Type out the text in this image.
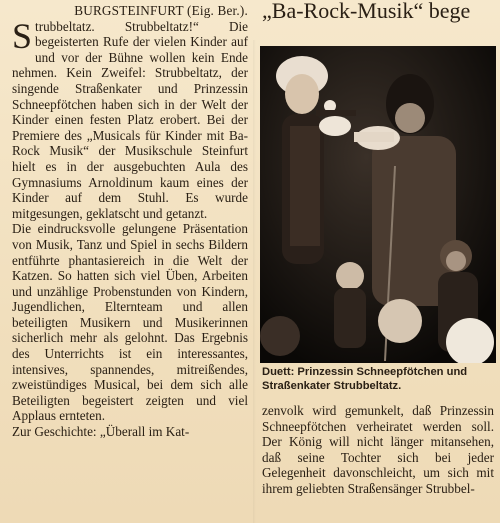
BURGSTEINFURT (Eig. Ber.).

Strubbeltatz. Strubbeltatz!“ Die begeisterten Rufe der vielen Kinder auf und vor der Bühne wollen kein Ende nehmen. Kein Zweifel: Strubbeltatz, der singende Straßenkater und Prinzessin Schneepfötchen haben sich in der Welt der Kinder einen festen Platz erobert. Bei der Premiere des „Musicals für Kinder mit Ba-Rock Musik“ der Musikschule Steinfurt hielt es in der ausgebuchten Aula des Gymnasiums Arnoldinum kaum eines der Kinder auf dem Stuhl. Es wurde mitgesungen, geklatscht und getanzt.

Die eindrucksvolle gelungene Präsentation von Musik, Tanz und Spiel in sechs Bildern entführte phantasiereich in die Welt der Katzen. So hatten sich viel Üben, Arbeiten und unzählige Probenstunden von Kindern, Jugendlichen, Elternteam und allen beteiligten Musikern und Musikerinnen sicherlich mehr als gelohnt. Das Ergebnis des Unterrichts ist ein interessantes, intensives, spannendes, mitreißendes, zweistündiges Musical, bei dem sich alle Beteiligten begeistert zeigten und viel Applaus ernteten.

Zur Geschichte: „Überall im Kat-

„Ba-Rock-Musik“ bege
Duett: Prinzessin Schneepfötchen und Straßenkater Strubbeltatz.
zenvolk wird gemunkelt, daß Prinzessin Schneepfötchen verheiratet werden soll. Der König will nicht länger mitansehen, daß seine Tochter sich bei jeder Gelegenheit davonschleicht, um sich mit ihrem geliebten Straßensänger Strubbel-
